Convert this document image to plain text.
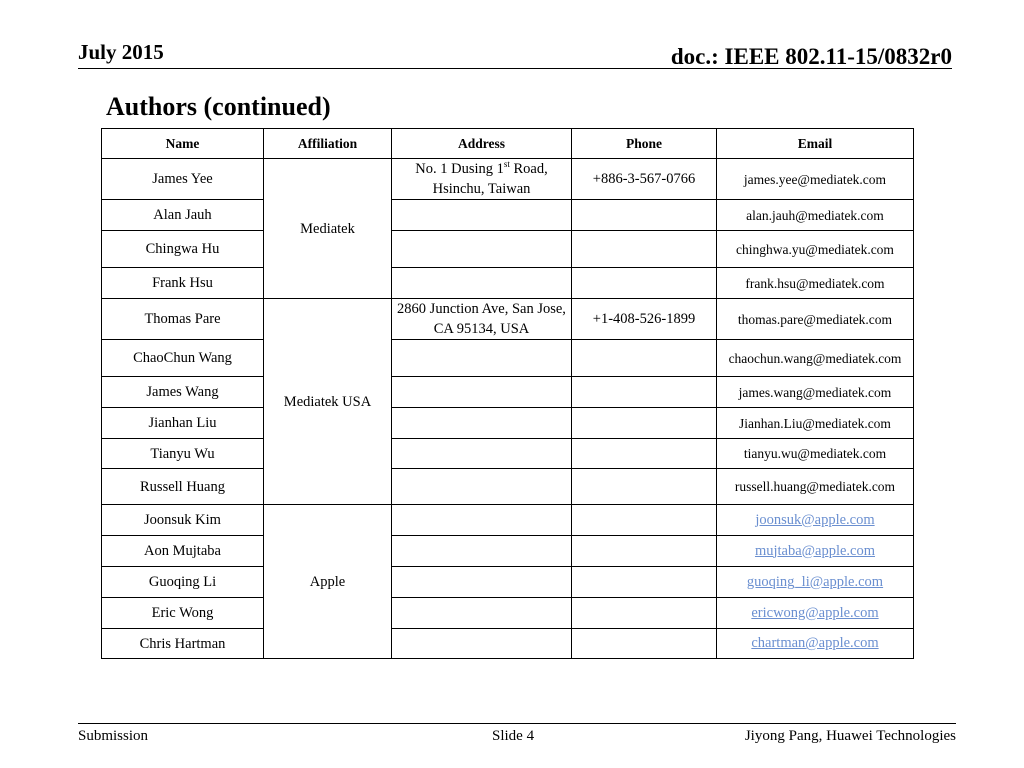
July 2015	doc.: IEEE 802.11-15/0832r0
Authors (continued)
Name	Affiliation	Address	Phone	Email
James Yee	Mediatek	No. 1 Dusing 1st Road, Hsinchu, Taiwan	+886-3-567-0766	james.yee@mediatek.com
Alan Jauh				alan.jauh@mediatek.com
Chingwa Hu				chinghwa.yu@mediatek.com
Frank Hsu				frank.hsu@mediatek.com
Thomas Pare	Mediatek USA	2860 Junction Ave, San Jose, CA 95134, USA	+1-408-526-1899	thomas.pare@mediatek.com
ChaoChun Wang				chaochun.wang@mediatek.com
James Wang				james.wang@mediatek.com
Jianhan Liu				Jianhan.Liu@mediatek.com
Tianyu Wu				tianyu.wu@mediatek.com
Russell Huang				russell.huang@mediatek.com
Joonsuk Kim	Apple			joonsuk@apple.com
Aon Mujtaba				mujtaba@apple.com
Guoqing Li				guoqing_li@apple.com
Eric Wong				ericwong@apple.com
Chris Hartman				chartman@apple.com
Submission	Slide 4	Jiyong Pang, Huawei Technologies
